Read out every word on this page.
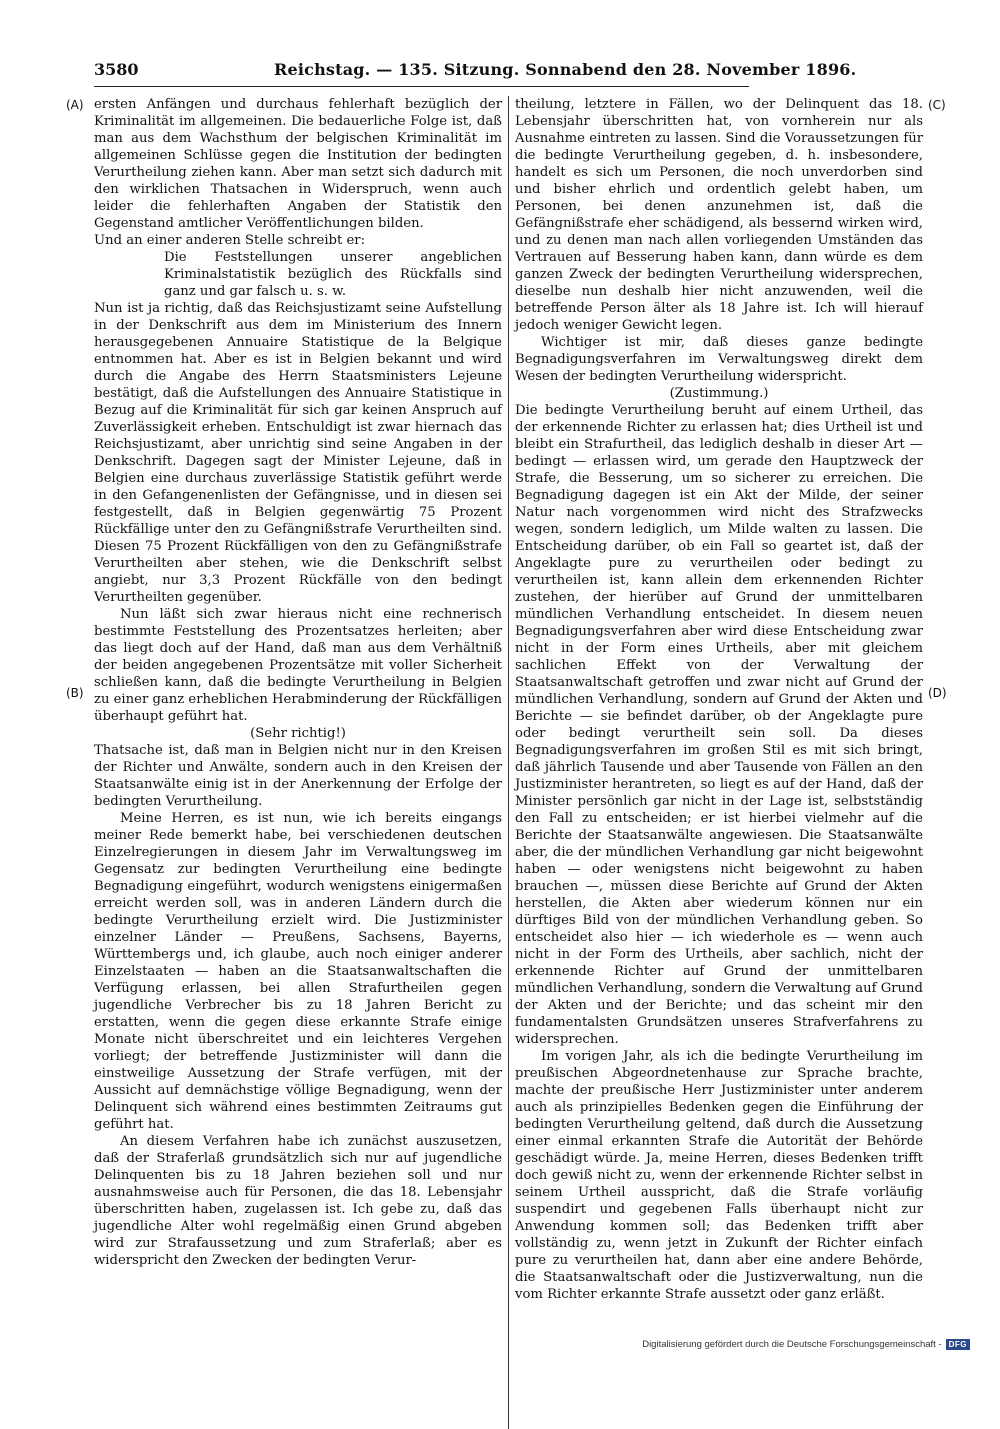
3580	Reichstag. — 135. Sitzung. Sonnabend den 28. November 1896.
(A)
(B)
(C)
(D)

ersten Anfängen und durchaus fehlerhaft bezüglich der Kriminalität im allgemeinen. Die bedauerliche Folge ist, daß man aus dem Wachsthum der belgischen Kriminalität im allgemeinen Schlüsse gegen die Institution der bedingten Verurtheilung ziehen kann. Aber man setzt sich dadurch mit den wirklichen Thatsachen in Widerspruch, wenn auch leider die fehlerhaften Angaben der Statistik den Gegenstand amtlicher Veröffentlichungen bilden.

Und an einer anderen Stelle schreibt er:

Die Feststellungen unserer angeblichen Kriminalstatistik bezüglich des Rückfalls sind ganz und gar falsch u. s. w.

Nun ist ja richtig, daß das Reichsjustizamt seine Aufstellung in der Denkschrift aus dem im Ministerium des Innern herausgegebenen Annuaire Statistique de la Belgique entnommen hat. Aber es ist in Belgien bekannt und wird durch die Angabe des Herrn Staatsministers Lejeune bestätigt, daß die Aufstellungen des Annuaire Statistique in Bezug auf die Kriminalität für sich gar keinen Anspruch auf Zuverlässigkeit erheben. Entschuldigt ist zwar hiernach das Reichsjustizamt, aber unrichtig sind seine Angaben in der Denkschrift. Dagegen sagt der Minister Lejeune, daß in Belgien eine durchaus zuverlässige Statistik geführt werde in den Gefangenenlisten der Gefängnisse, und in diesen sei festgestellt, daß in Belgien gegenwärtig 75 Prozent Rückfällige unter den zu Gefängnißstrafe Verurtheilten sind. Diesen 75 Prozent Rückfälligen von den zu Gefängnißstrafe Verurtheilten aber stehen, wie die Denkschrift selbst angiebt, nur 3,3 Prozent Rückfälle von den bedingt Verurtheilten gegenüber.

Nun läßt sich zwar hieraus nicht eine rechnerisch bestimmte Feststellung des Prozentsatzes herleiten; aber das liegt doch auf der Hand, daß man aus dem Verhältniß der beiden angegebenen Prozentsätze mit voller Sicherheit schließen kann, daß die bedingte Verurtheilung in Belgien zu einer ganz erheblichen Herabminderung der Rückfälligen überhaupt geführt hat.

(Sehr richtig!)

Thatsache ist, daß man in Belgien nicht nur in den Kreisen der Richter und Anwälte, sondern auch in den Kreisen der Staatsanwälte einig ist in der Anerkennung der Erfolge der bedingten Verurtheilung.

Meine Herren, es ist nun, wie ich bereits eingangs meiner Rede bemerkt habe, bei verschiedenen deutschen Einzelregierungen in diesem Jahr im Verwaltungsweg im Gegensatz zur bedingten Verurtheilung eine bedingte Begnadigung eingeführt, wodurch wenigstens einigermaßen erreicht werden soll, was in anderen Ländern durch die bedingte Verurtheilung erzielt wird. Die Justizminister einzelner Länder — Preußens, Sachsens, Bayerns, Württembergs und, ich glaube, auch noch einiger anderer Einzelstaaten — haben an die Staatsanwaltschaften die Verfügung erlassen, bei allen Strafurtheilen gegen jugendliche Verbrecher bis zu 18 Jahren Bericht zu erstatten, wenn die gegen diese erkannte Strafe einige Monate nicht überschreitet und ein leichteres Vergehen vorliegt; der betreffende Justizminister will dann die einstweilige Aussetzung der Strafe verfügen, mit der Aussicht auf demnächstige völlige Begnadigung, wenn der Delinquent sich während eines bestimmten Zeitraums gut geführt hat.

An diesem Verfahren habe ich zunächst auszusetzen, daß der Straferlaß grundsätzlich sich nur auf jugendliche Delinquenten bis zu 18 Jahren beziehen soll und nur ausnahmsweise auch für Personen, die das 18. Lebensjahr überschritten haben, zugelassen ist. Ich gebe zu, daß das jugendliche Alter wohl regelmäßig einen Grund abgeben wird zur Strafaussetzung und zum Straferlaß; aber es widerspricht den Zwecken der bedingten Verur-

theilung, letztere in Fällen, wo der Delinquent das 18. Lebensjahr überschritten hat, von vornherein nur als Ausnahme eintreten zu lassen. Sind die Voraussetzungen für die bedingte Verurtheilung gegeben, d. h. insbesondere, handelt es sich um Personen, die noch unverdorben sind und bisher ehrlich und ordentlich gelebt haben, um Personen, bei denen anzunehmen ist, daß die Gefängnißstrafe eher schädigend, als bessernd wirken wird, und zu denen man nach allen vorliegenden Umständen das Vertrauen auf Besserung haben kann, dann würde es dem ganzen Zweck der bedingten Verurtheilung widersprechen, dieselbe nun deshalb hier nicht anzuwenden, weil die betreffende Person älter als 18 Jahre ist. Ich will hierauf jedoch weniger Gewicht legen.

Wichtiger ist mir, daß dieses ganze bedingte Begnadigungsverfahren im Verwaltungsweg direkt dem Wesen der bedingten Verurtheilung widerspricht.

(Zustimmung.)

Die bedingte Verurtheilung beruht auf einem Urtheil, das der erkennende Richter zu erlassen hat; dies Urtheil ist und bleibt ein Strafurtheil, das lediglich deshalb in dieser Art — bedingt — erlassen wird, um gerade den Hauptzweck der Strafe, die Besserung, um so sicherer zu erreichen. Die Begnadigung dagegen ist ein Akt der Milde, der seiner Natur nach vorgenommen wird nicht des Strafzwecks wegen, sondern lediglich, um Milde walten zu lassen. Die Entscheidung darüber, ob ein Fall so geartet ist, daß der Angeklagte pure zu verurtheilen oder bedingt zu verurtheilen ist, kann allein dem erkennenden Richter zustehen, der hierüber auf Grund der unmittelbaren mündlichen Verhandlung entscheidet. In diesem neuen Begnadigungsverfahren aber wird diese Entscheidung zwar nicht in der Form eines Urtheils, aber mit gleichem sachlichen Effekt von der Verwaltung der Staatsanwaltschaft getroffen und zwar nicht auf Grund der mündlichen Verhandlung, sondern auf Grund der Akten und Berichte — sie befindet darüber, ob der Angeklagte pure oder bedingt verurtheilt sein soll. Da dieses Begnadigungsverfahren im großen Stil es mit sich bringt, daß jährlich Tausende und aber Tausende von Fällen an den Justizminister herantreten, so liegt es auf der Hand, daß der Minister persönlich gar nicht in der Lage ist, selbstständig den Fall zu entscheiden; er ist hierbei vielmehr auf die Berichte der Staatsanwälte angewiesen. Die Staatsanwälte aber, die der mündlichen Verhandlung gar nicht beigewohnt haben — oder wenigstens nicht beigewohnt zu haben brauchen —, müssen diese Berichte auf Grund der Akten herstellen, die Akten aber wiederum können nur ein dürftiges Bild von der mündlichen Verhandlung geben. So entscheidet also hier — ich wiederhole es — wenn auch nicht in der Form des Urtheils, aber sachlich, nicht der erkennende Richter auf Grund der unmittelbaren mündlichen Verhandlung, sondern die Verwaltung auf Grund der Akten und der Berichte; und das scheint mir den fundamentalsten Grundsätzen unseres Strafverfahrens zu widersprechen.

Im vorigen Jahr, als ich die bedingte Verurtheilung im preußischen Abgeordnetenhause zur Sprache brachte, machte der preußische Herr Justizminister unter anderem auch als prinzipielles Bedenken gegen die Einführung der bedingten Verurtheilung geltend, daß durch die Aussetzung einer einmal erkannten Strafe die Autorität der Behörde geschädigt würde. Ja, meine Herren, dieses Bedenken trifft doch gewiß nicht zu, wenn der erkennende Richter selbst in seinem Urtheil ausspricht, daß die Strafe vorläufig suspendirt und gegebenen Falls überhaupt nicht zur Anwendung kommen soll; das Bedenken trifft aber vollständig zu, wenn jetzt in Zukunft der Richter einfach pure zu verurtheilen hat, dann aber eine andere Behörde, die Staatsanwaltschaft oder die Justizverwaltung, nun die vom Richter erkannte Strafe aussetzt oder ganz erläßt.

Digitalisierung gefördert durch die Deutsche Forschungsgemeinschaft - DFG
